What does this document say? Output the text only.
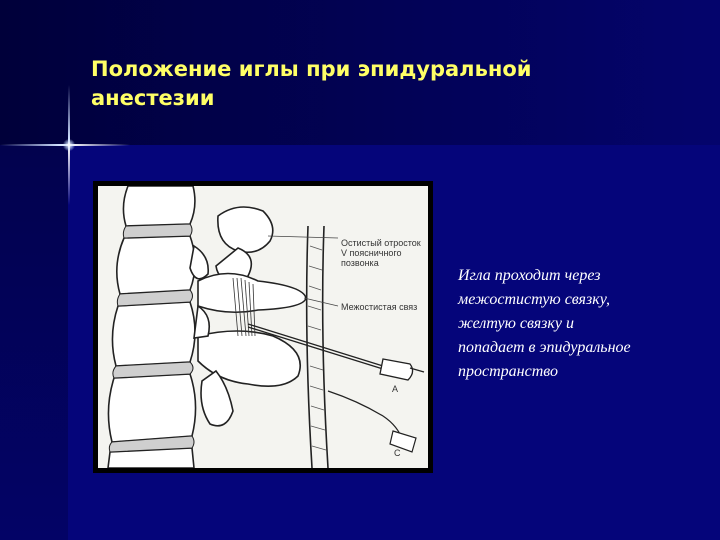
Положение иглы при эпидуральной
анестезии
Остистый отросток
V поясничного
позвонка
Межостистая связ
A
C
Игла проходит через
межостистую связку,
желтую связку и
попадает в эпидуральное
пространство
